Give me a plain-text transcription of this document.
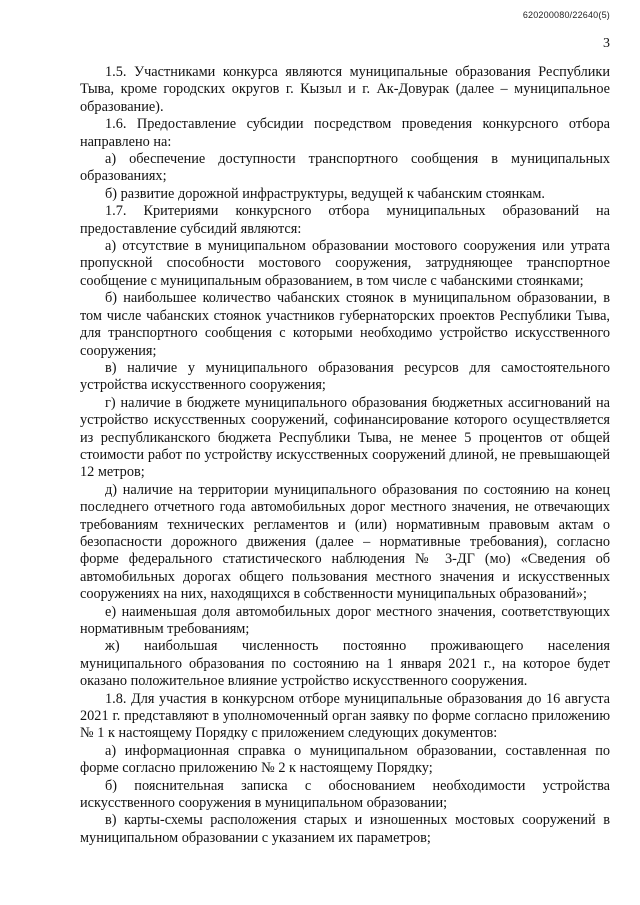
620200080/22640(5)
3

1.5. Участниками конкурса являются муниципальные образования Республики Тыва, кроме городских округов г. Кызыл и г. Ак-Довурак (далее – муниципальное образование).

1.6. Предоставление субсидии посредством проведения конкурсного отбора направлено на:

а) обеспечение доступности транспортного сообщения в муниципальных образованиях;

б) развитие дорожной инфраструктуры, ведущей к чабанским стоянкам.

1.7. Критериями конкурсного отбора муниципальных образований на предоставление субсидий являются:

а) отсутствие в муниципальном образовании мостового сооружения или утрата пропускной способности мостового сооружения, затрудняющее транспортное сообщение с муниципальным образованием, в том числе с чабанскими стоянками;

б) наибольшее количество чабанских стоянок в муниципальном образовании, в том числе чабанских стоянок участников губернаторских проектов Республики Тыва, для транспортного сообщения с которыми необходимо устройство искусственного сооружения;

в) наличие у муниципального образования ресурсов для самостоятельного устройства искусственного сооружения;

г) наличие в бюджете муниципального образования бюджетных ассигнований на устройство искусственных сооружений, софинансирование которого осуществляется из республиканского бюджета Республики Тыва, не менее 5 процентов от общей стоимости работ по устройству искусственных сооружений длиной, не превышающей 12 метров;

д) наличие на территории муниципального образования по состоянию на конец последнего отчетного года автомобильных дорог местного значения, не отвечающих требованиям технических регламентов и (или) нормативным правовым актам о безопасности дорожного движения (далее – нормативные требования), согласно форме федерального статистического наблюдения № 3-ДГ (мо) «Сведения об автомобильных дорогах общего пользования местного значения и искусственных сооружениях на них, находящихся в собственности муниципальных образований»;

е) наименьшая доля автомобильных дорог местного значения, соответствующих нормативным требованиям;

ж) наибольшая численность постоянно проживающего населения муниципального образования по состоянию на 1 января 2021 г., на которое будет оказано положительное влияние устройство искусственного сооружения.

1.8. Для участия в конкурсном отборе муниципальные образования до 16 августа 2021 г. представляют в уполномоченный орган заявку по форме согласно приложению № 1 к настоящему Порядку с приложением следующих документов:

а) информационная справка о муниципальном образовании, составленная по форме согласно приложению № 2 к настоящему Порядку;

б) пояснительная записка с обоснованием необходимости устройства искусственного сооружения в муниципальном образовании;

в) карты-схемы расположения старых и изношенных мостовых сооружений в муниципальном образовании с указанием их параметров;
